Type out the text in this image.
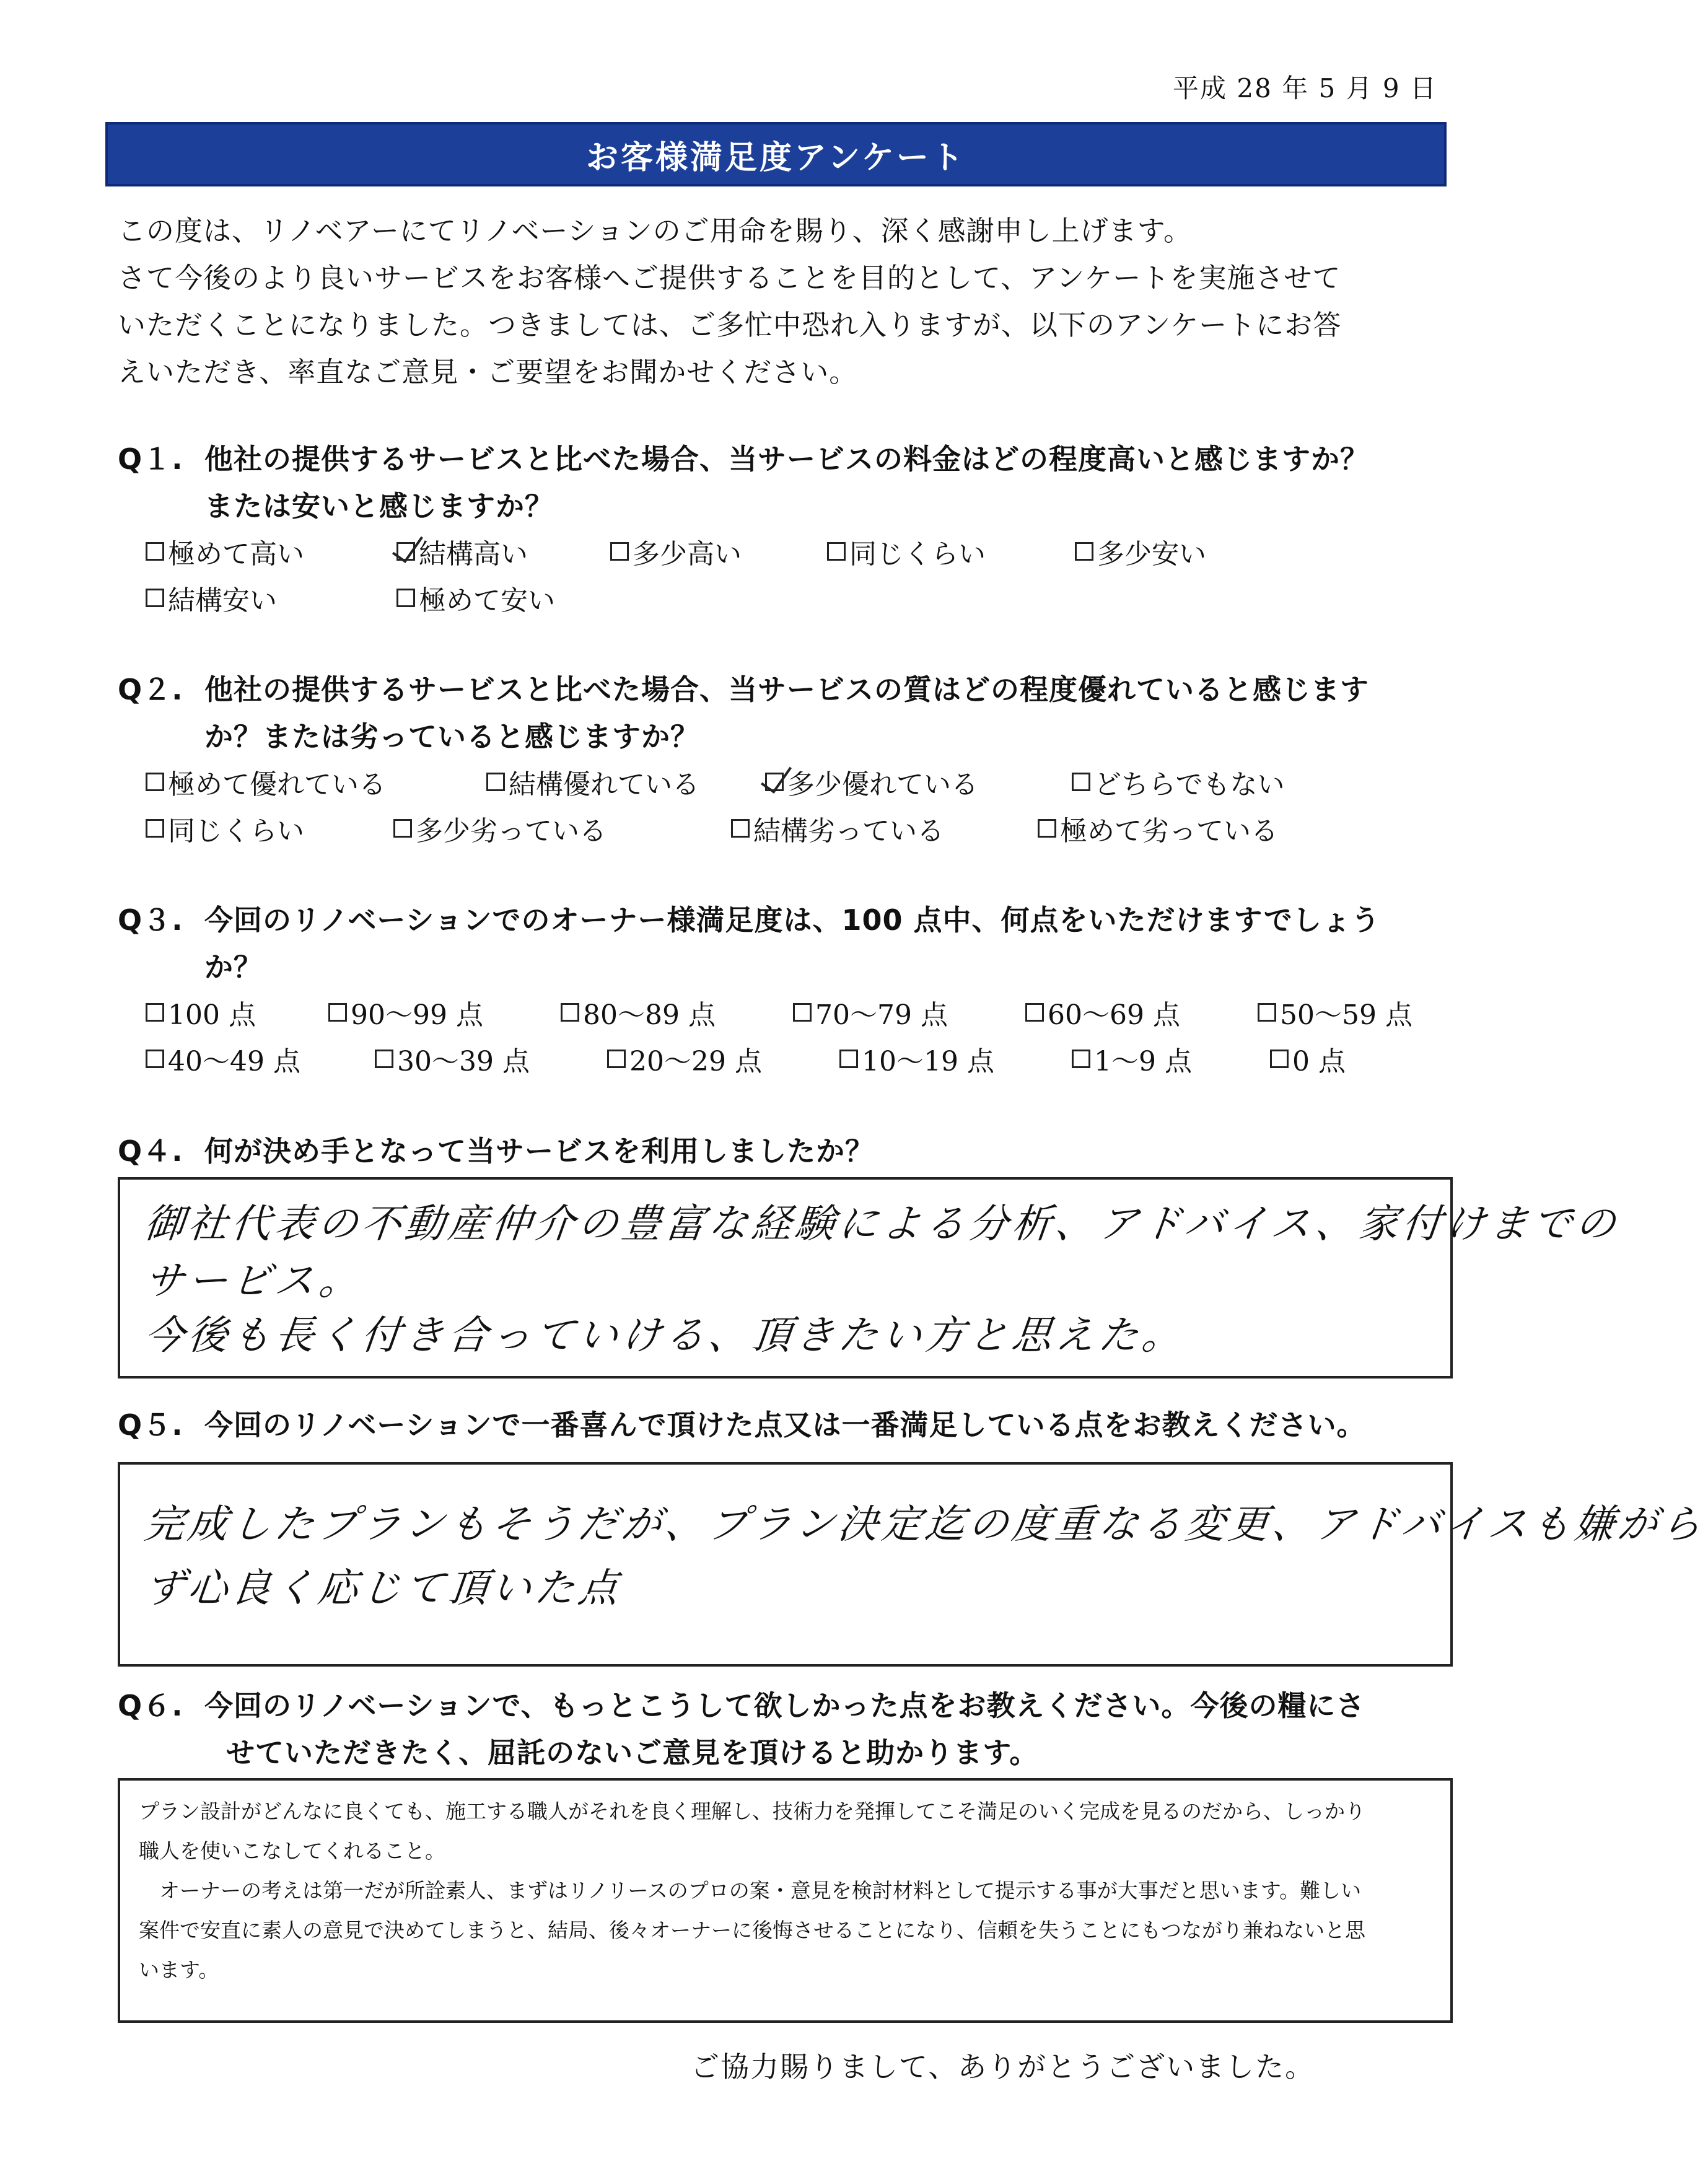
平成 28 年 5 月 9 日
お客様満足度アンケート
この度は、リノベアーにてリノベーションのご用命を賜り、深く感謝申し上げます。
さて今後のより良いサービスをお客様へご提供することを目的として、アンケートを実施させて
いただくことになりました。つきましては、ご多忙中恐れ入りますが、以下のアンケートにお答
えいただき、率直なご意見・ご要望をお聞かせください。
Q１. 他社の提供するサービスと比べた場合、当サービスの料金はどの程度高いと感じますか？
または安いと感じますか？
極めて高い	結構高い	多少高い	同じくらい	多少安い
結構安い	極めて安い
Q２. 他社の提供するサービスと比べた場合、当サービスの質はどの程度優れていると感じます
か？または劣っていると感じますか？
極めて優れている	結構優れている	多少優れている	どちらでもない
同じくらい	多少劣っている	結構劣っている	極めて劣っている
Q３. 今回のリノベーションでのオーナー様満足度は、100 点中、何点をいただけますでしょう
か？
100 点	90〜99 点	80〜89 点	70〜79 点	60〜69 点	50〜59 点
40〜49 点	30〜39 点	20〜29 点	10〜19 点	1〜9 点	0 点
Q４. 何が決め手となって当サービスを利用しましたか？
御社代表の不動産仲介の豊富な経験による分析、アドバイス、家付けまでの
サービス。
今後も長く付き合っていける、頂きたい方と思えた。
Q５. 今回のリノベーションで一番喜んで頂けた点又は一番満足している点をお教えください。
完成したプランもそうだが、プラン決定迄の度重なる変更、アドバイスも嫌がら
ず心良く応じて頂いた点
Q６. 今回のリノベーションで、もっとこうして欲しかった点をお教えください。今後の糧にさ
せていただきたく、屈託のないご意見を頂けると助かります。
プラン設計がどんなに良くても、施工する職人がそれを良く理解し、技術力を発揮してこそ満足のいく完成を見るのだから、しっかり
職人を使いこなしてくれること。
　オーナーの考えは第一だが所詮素人、まずはリノリースのプロの案・意見を検討材料として提示する事が大事だと思います。難しい
案件で安直に素人の意見で決めてしまうと、結局、後々オーナーに後悔させることになり、信頼を失うことにもつながり兼ねないと思
います。
ご協力賜りまして、ありがとうございました。
